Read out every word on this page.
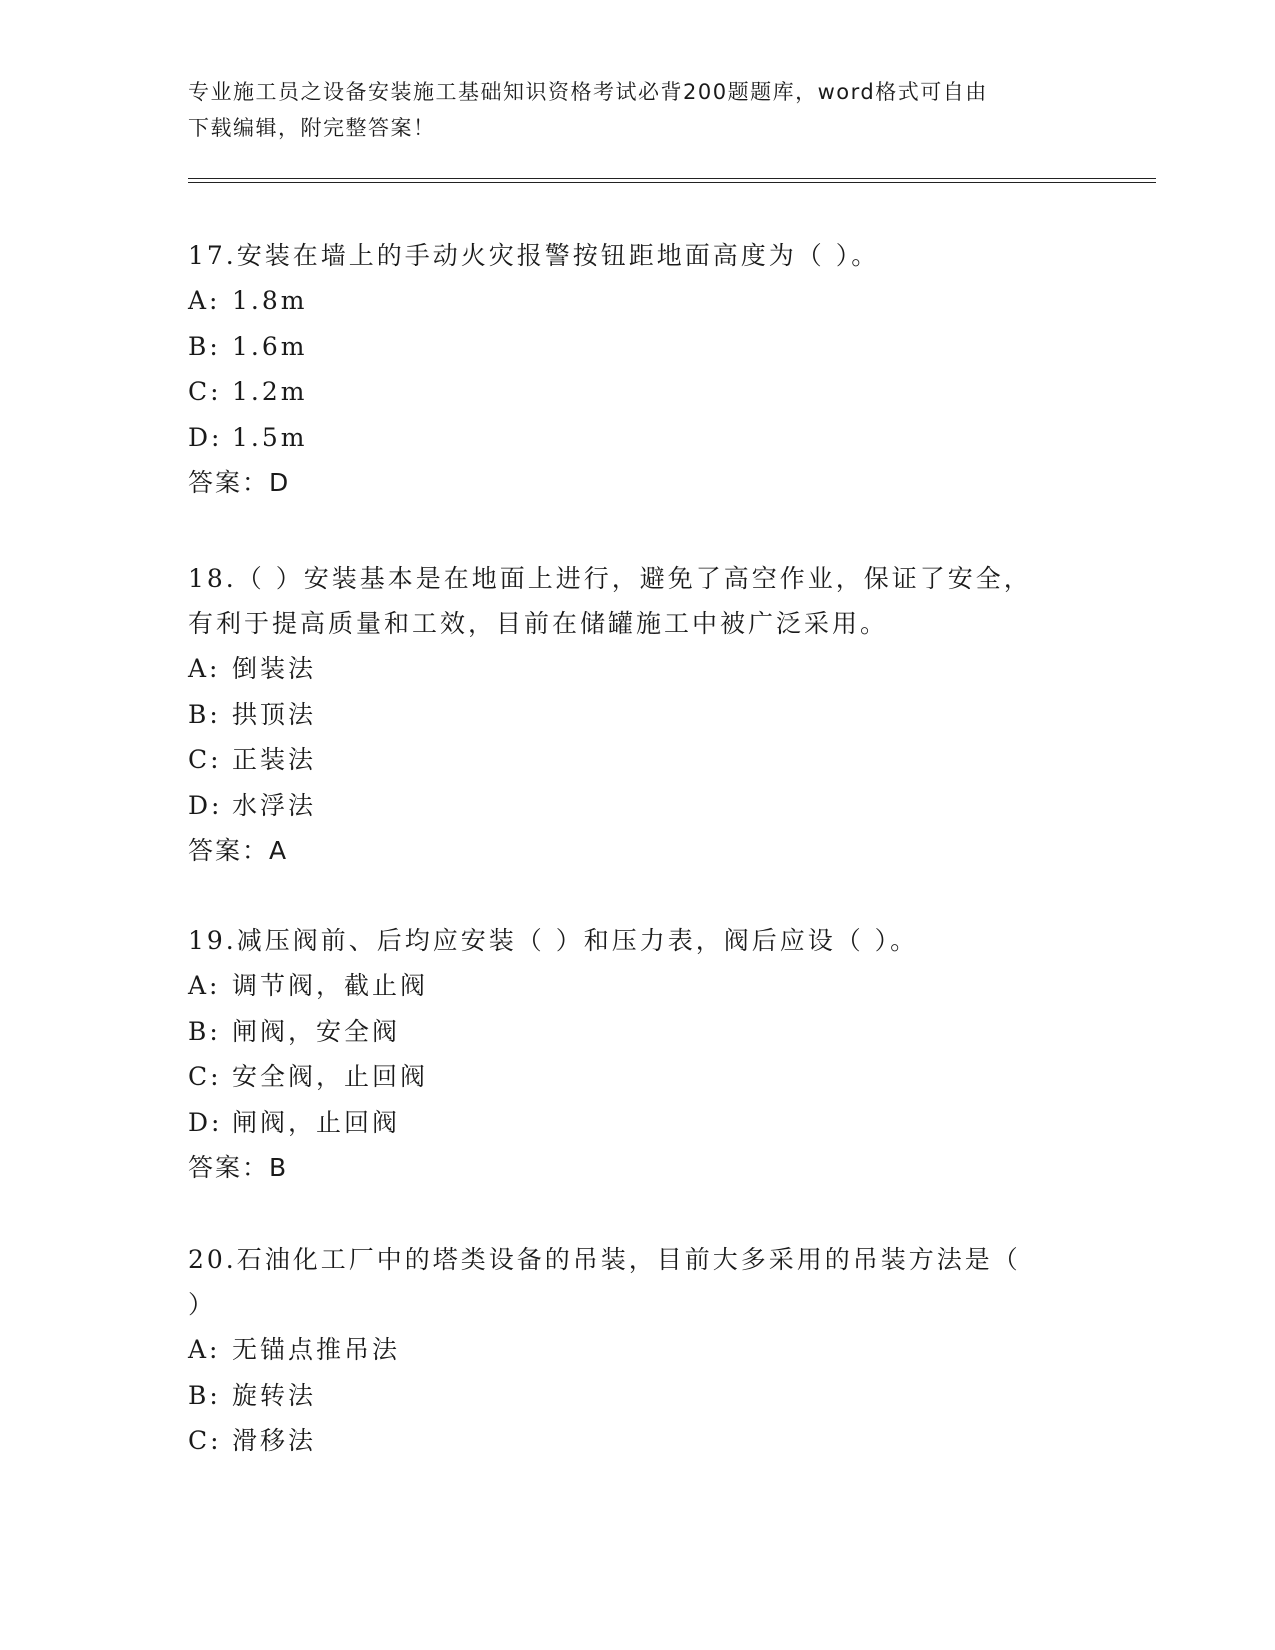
专业施工员之设备安装施工基础知识资格考试必背200题题库，word格式可自由
下载编辑，附完整答案！

17.安装在墙上的手动火灾报警按钮距地面高度为（ ）。

A: 1.8m

B: 1.6m

C: 1.2m

D: 1.5m

答案：D

18.（ ）安装基本是在地面上进行，避免了高空作业，保证了安全，

有利于提高质量和工效，目前在储罐施工中被广泛采用。

A: 倒装法

B: 拱顶法

C: 正装法

D: 水浮法

答案：A

19.减压阀前、后均应安装（ ）和压力表，阀后应设（ ）。

A: 调节阀，截止阀

B: 闸阀，安全阀

C: 安全阀，止回阀

D: 闸阀，止回阀

答案：B

20.石油化工厂中的塔类设备的吊装，目前大多采用的吊装方法是（

）

A: 无锚点推吊法

B: 旋转法

C: 滑移法
